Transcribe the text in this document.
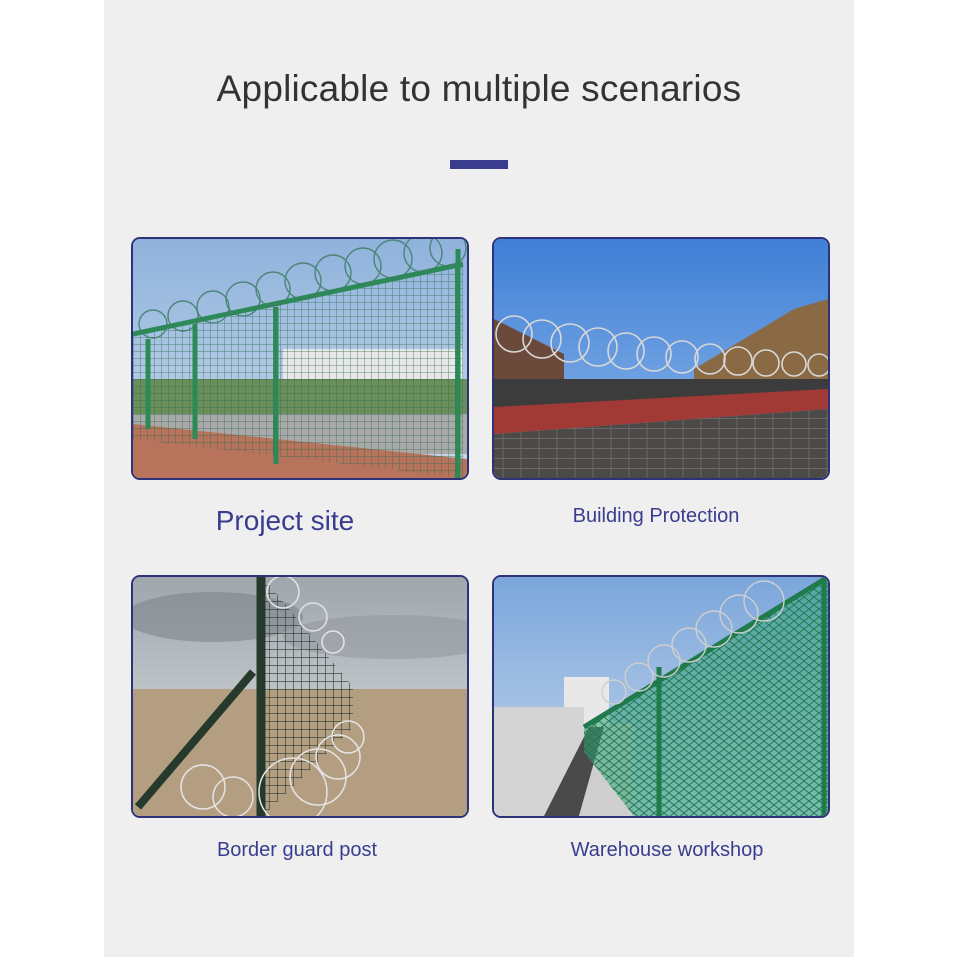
Applicable to multiple scenarios
Project site	Building Protection
Border guard post	Warehouse workshop
